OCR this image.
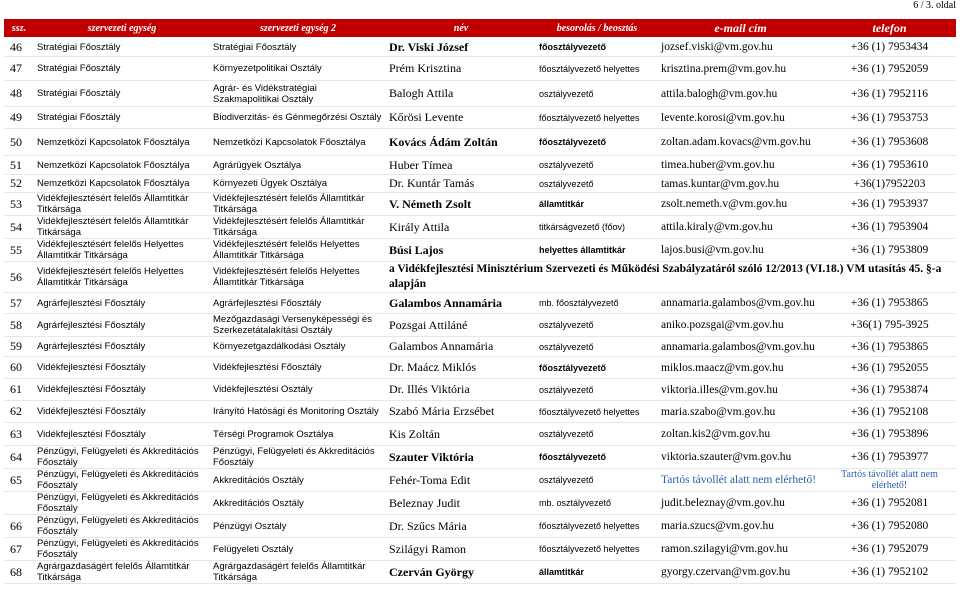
6 / 3. oldal
ssz.	szervezeti egység	szervezeti egység 2	név	besorolás / beosztás	e-mail cím	telefon
46	Stratégiai Főosztály	Stratégiai Főosztály	Dr. Viski József	főosztályvezető	jozsef.viski@vm.gov.hu	+36 (1) 7953434
47	Stratégiai Főosztály	Környezetpolitikai Osztály	Prém Krisztina	főosztályvezető helyettes	krisztina.prem@vm.gov.hu	+36 (1) 7952059
48	Stratégiai Főosztály	Agrár- és Vidékstratégiai Szakmapolitikai Osztály	Balogh Attila	osztályvezető	attila.balogh@vm.gov.hu	+36 (1) 7952116
49	Stratégiai Főosztály	Biodiverzitás- és Génmegőrzési Osztály	Kőrösi Levente	főosztályvezető helyettes	levente.korosi@vm.gov.hu	+36 (1) 7953753
50	Nemzetközi Kapcsolatok Főosztálya	Nemzetközi Kapcsolatok Főosztálya	Kovács Ádám Zoltán	főosztályvezető	zoltan.adam.kovacs@vm.gov.hu	+36 (1) 7953608
51	Nemzetközi Kapcsolatok Főosztálya	Agrárügyek Osztálya	Huber Tímea	osztályvezető	timea.huber@vm.gov.hu	+36 (1) 7953610
52	Nemzetközi Kapcsolatok Főosztálya	Környezeti Ügyek Osztálya	Dr. Kuntár Tamás	osztályvezető	tamas.kuntar@vm.gov.hu	+36(1)7952203
53	Vidékfejlesztésért felelős Államtitkár Titkársága	Vidékfejlesztésért felelős Államtitkár Titkársága	V. Németh Zsolt	államtitkár	zsolt.nemeth.v@vm.gov.hu	+36 (1) 7953937
54	Vidékfejlesztésért felelős Államtitkár Titkársága	Vidékfejlesztésért felelős Államtitkár Titkársága	Király Attila	titkárságvezető (főov)	attila.kiraly@vm.gov.hu	+36 (1) 7953904
55	Vidékfejlesztésért felelős Helyettes Államtitkár Titkársága	Vidékfejlesztésért felelős Helyettes Államtitkár Titkársága	Búsi Lajos	helyettes államtitkár	lajos.busi@vm.gov.hu	+36 (1) 7953809
56	Vidékfejlesztésért felelős Helyettes Államtitkár Titkársága	Vidékfejlesztésért felelős Helyettes Államtitkár Titkársága	a Vidékfejlesztési Minisztérium Szervezeti és Működési Szabályzatáról szóló 12/2013 (VI.18.) VM utasítás 45. §-a alapján			
57	Agrárfejlesztési Főosztály	Agrárfejlesztési Főosztály	Galambos Annamária	mb. főosztályvezető	annamaria.galambos@vm.gov.hu	+36 (1) 7953865
58	Agrárfejlesztési Főosztály	Mezőgazdasági Versenyképességi és Szerkezetátalakítási Osztály	Pozsgai Attiláné	osztályvezető	aniko.pozsgai@vm.gov.hu	+36(1) 795-3925
59	Agrárfejlesztési Főosztály	Környezetgazdálkodási Osztály	Galambos Annamária	osztályvezető	annamaria.galambos@vm.gov.hu	+36 (1) 7953865
60	Vidékfejlesztési Főosztály	Vidékfejlesztési Főosztály	Dr. Maácz Miklós	főosztályvezető	miklos.maacz@vm.gov.hu	+36 (1) 7952055
61	Vidékfejlesztési Főosztály	Vidékfejlesztési Osztály	Dr. Illés Viktória	osztályvezető	viktoria.illes@vm.gov.hu	+36 (1) 7953874
62	Vidékfejlesztési Főosztály	Irányító Hatósági és Monitoring Osztály	Szabó Mária Erzsébet	főosztályvezető helyettes	maria.szabo@vm.gov.hu	+36 (1) 7952108
63	Vidékfejlesztési Főosztály	Térségi Programok Osztálya	Kis Zoltán	osztályvezető	zoltan.kis2@vm.gov.hu	+36 (1) 7953896
64	Pénzügyi, Felügyeleti és Akkreditációs Főosztály	Pénzügyi, Felügyeleti és Akkreditációs Főosztály	Szauter Viktória	főosztályvezető	viktoria.szauter@vm.gov.hu	+36 (1) 7953977
65	Pénzügyi, Felügyeleti és Akkreditációs Főosztály	Akkreditációs Osztály	Fehér-Toma Edit	osztályvezető	Tartós távollét alatt nem elérhető!	Tartós távollét alatt nem elérhető!
	Pénzügyi, Felügyeleti és Akkreditációs Főosztály	Akkreditációs Osztály	Beleznay Judit	mb. osztályvezető	judit.beleznay@vm.gov.hu	+36 (1) 7952081
66	Pénzügyi, Felügyeleti és Akkreditációs Főosztály	Pénzügyi Osztály	Dr. Szűcs Mária	főosztályvezető helyettes	maria.szucs@vm.gov.hu	+36 (1) 7952080
67	Pénzügyi, Felügyeleti és Akkreditációs Főosztály	Felügyeleti Osztály	Szilágyi Ramon	főosztályvezető helyettes	ramon.szilagyi@vm.gov.hu	+36 (1) 7952079
68	Agrárgazdaságért felelős Államtitkár Titkársága	Agrárgazdaságért felelős Államtitkár Titkársága	Czerván György	államtitkár	gyorgy.czervan@vm.gov.hu	+36 (1) 7952102
